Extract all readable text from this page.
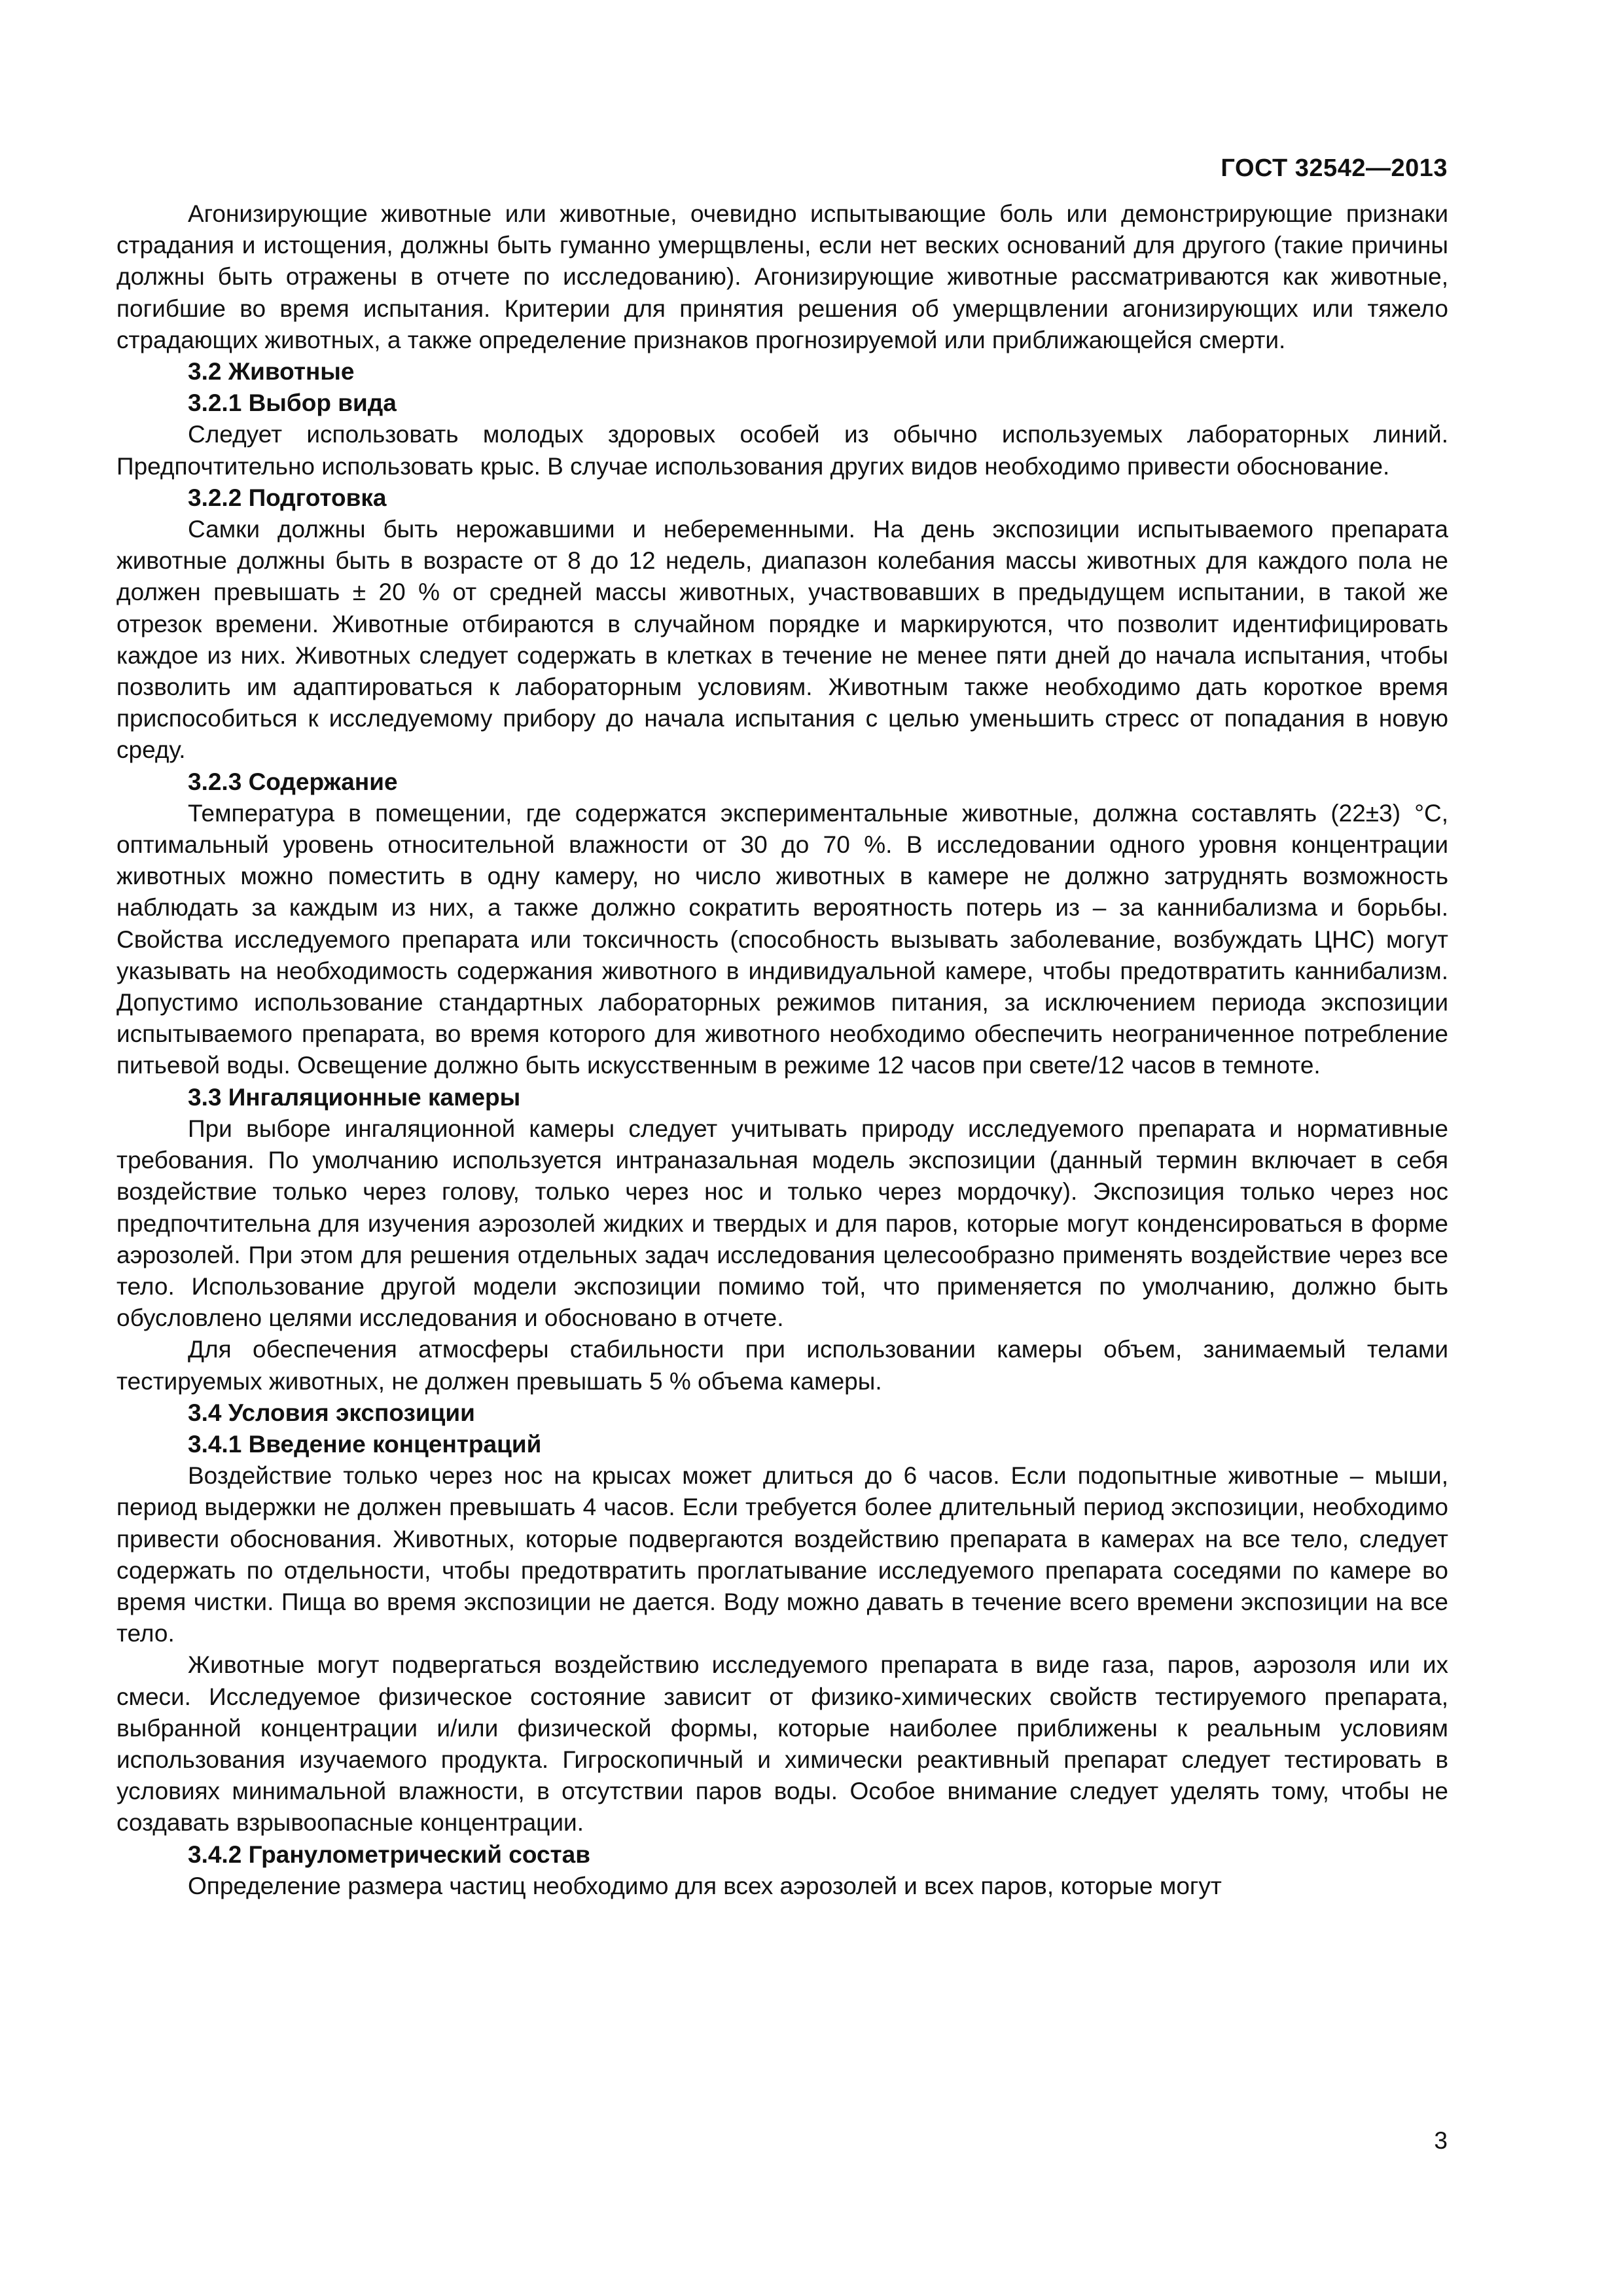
ГОСТ 32542—2013

Агонизирующие животные или животные, очевидно испытывающие боль или демонстрирующие признаки страдания и истощения, должны быть гуманно умерщвлены, если нет веских оснований для другого (такие причины должны быть отражены в отчете по исследованию). Агонизирующие животные рассматриваются как животные, погибшие во время испытания. Критерии для принятия решения об умерщвлении агонизирующих или тяжело страдающих животных, а также определение признаков прогнозируемой или приближающейся смерти.

3.2 Животные
3.2.1 Выбор вида

Следует использовать молодых здоровых особей из обычно используемых лабораторных линий. Предпочтительно использовать крыс. В случае использования других видов необходимо привести обоснование.

3.2.2 Подготовка

Самки должны быть нерожавшими и небеременными. На день экспозиции испытываемого препарата животные должны быть в возрасте от 8 до 12 недель, диапазон колебания массы животных для каждого пола не должен превышать ± 20 % от средней массы животных, участвовавших в предыдущем испытании, в такой же отрезок времени. Животные отбираются в случайном порядке и маркируются, что позволит идентифицировать каждое из них. Животных следует содержать в клетках в течение не менее пяти дней до начала испытания, чтобы позволить им адаптироваться к лабораторным условиям. Животным также необходимо дать короткое время приспособиться к исследуемому прибору до начала испытания с целью уменьшить стресс от попадания в новую среду.

3.2.3 Содержание

Температура в помещении, где содержатся экспериментальные животные, должна составлять (22±3) °С, оптимальный уровень относительной влажности от 30 до 70 %. В исследовании одного уровня концентрации животных можно поместить в одну камеру, но число животных в камере не должно затруднять возможность наблюдать за каждым из них, а также должно сократить вероятность потерь из – за каннибализма и борьбы. Свойства исследуемого препарата или токсичность (способность вызывать заболевание, возбуждать ЦНС) могут указывать на необходимость содержания животного в индивидуальной камере, чтобы предотвратить каннибализм. Допустимо использование стандартных лабораторных режимов питания, за исключением периода экспозиции испытываемого препарата, во время которого для животного необходимо обеспечить неограниченное потребление питьевой воды. Освещение должно быть искусственным в режиме 12 часов при свете/12 часов в темноте.

3.3 Ингаляционные камеры

При выборе ингаляционной камеры следует учитывать природу исследуемого препарата и нормативные требования. По умолчанию используется интраназальная модель экспозиции (данный термин включает в себя воздействие только через голову, только через нос и только через мордочку). Экспозиция только через нос предпочтительна для изучения аэрозолей жидких и твердых и для паров, которые могут конденсироваться в форме аэрозолей. При этом для решения отдельных задач исследования целесообразно применять воздействие через все тело. Использование другой модели экспозиции помимо той, что применяется по умолчанию, должно быть обусловлено целями исследования и обосновано в отчете.

Для обеспечения атмосферы стабильности при использовании камеры объем, занимаемый телами тестируемых животных, не должен превышать 5 % объема камеры.

3.4 Условия экспозиции
3.4.1 Введение концентраций

Воздействие только через нос на крысах может длиться до 6 часов. Если подопытные животные – мыши, период выдержки не должен превышать 4 часов. Если требуется более длительный период экспозиции, необходимо привести обоснования. Животных, которые подвергаются воздействию препарата в камерах на все тело, следует содержать по отдельности, чтобы предотвратить проглатывание исследуемого препарата соседями по камере во время чистки. Пища во время экспозиции не дается. Воду можно давать в течение всего времени экспозиции на все тело.

Животные могут подвергаться воздействию исследуемого препарата в виде газа, паров, аэрозоля или их смеси. Исследуемое физическое состояние зависит от физико-химических свойств тестируемого препарата, выбранной концентрации и/или физической формы, которые наиболее приближены к реальным условиям использования изучаемого продукта. Гигроскопичный и химически реактивный препарат следует тестировать в условиях минимальной влажности, в отсутствии паров воды. Особое внимание следует уделять тому, чтобы не создавать взрывоопасные концентрации.

3.4.2 Гранулометрический состав

Определение размера частиц необходимо для всех аэрозолей и всех паров, которые могут

3
